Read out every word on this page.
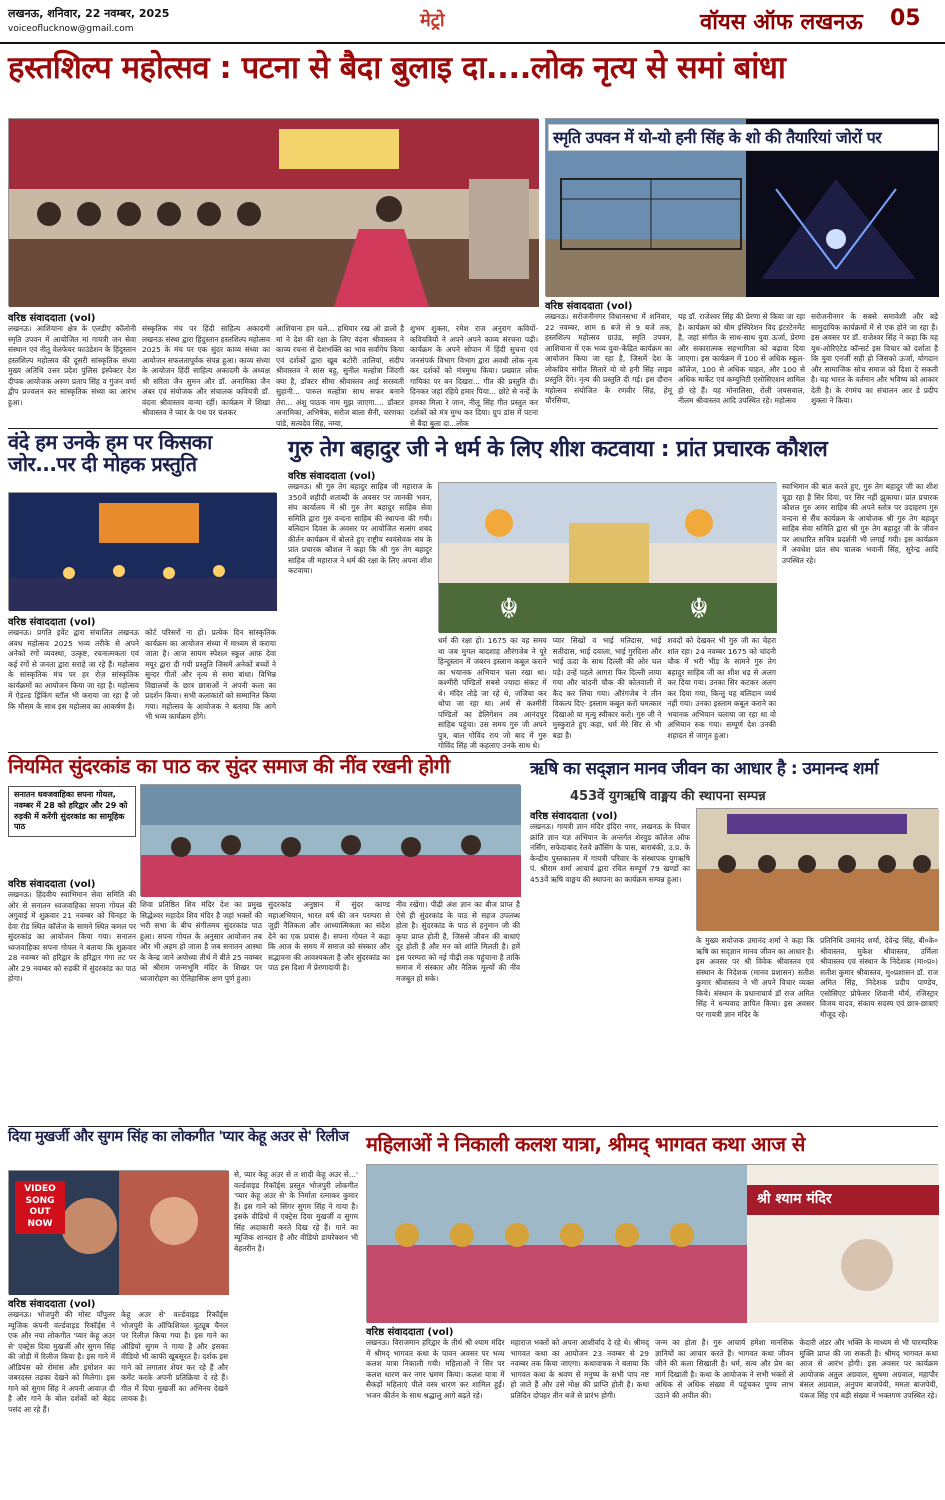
लखनऊ, शनिवार, 22 नवम्बर, 2025
voiceoflucknow@gmail.com	मेट्रो	वॉयस ऑफ लखनऊ 05
हस्तशिल्प महोत्सव : पटना से बैदा बुलाइ दा....लोक नृत्य से समां बांधा
वरिष्ठ संवाददाता (vol)
लखनऊ। आशियाना क्षेत्र के एलडीए कॉलोनी स्मृति उपवन में आयोजित मां गायत्री जन सेवा संस्थान एवं नीतू वेलफेयर फाउंडेशन के हिंदुस्तान हस्तशिल्प महोत्सव की दूसरी सांस्कृतिक संध्या मुख्य अतिथि उत्तर प्रदेश पुलिस इंस्पेक्टर देश दीपक आयोजक अरुण प्रताप सिंह व गुंजन वर्मा द्वीप प्रज्वलन कर सांस्कृतिक संध्या का आरंभ हुआ।
संस्कृतिक मंच पर हिंदी साहित्य अकादमी लखनऊ संस्था द्वारा हिंदुस्तान हस्तशिल्प महोत्सव 2025 के मंच पर एक सुंदर काव्य संध्या का आयोजन सफलतापूर्वक संपन्न हुआ। काव्य संध्या के आयोजन हिंदी साहित्य अकादमी के अध्यक्ष श्री सरिता जैन सुमन और डॉ. अनामिका जैन अंबर एवं संयोजक और संचालक कवियत्री डॉ. वंदना श्रीवास्तव वान्या रहीं। कार्यक्रम में शिखा श्रीवास्तव ने प्यार के पथ पर चलकर
आशियाना हम चले... हथियार रख ओ डालो है मां ने देश की रक्षा के लिए वंदना श्रीवास्तव ने काव्य रचना से देशभक्ति का भाव सर्वांगेय किया एवं दर्शकों द्वारा खूब बटोरी तालियां, संदीप श्रीवास्तव ने सास बहू, सुनील मल्होत्रा जिंदगी क्या है, डॉक्टर सीमा श्रीवास्तव आई सरस्वती सुहानी... पारुल मल्होत्रा साथ सफर बनाने तेरा... अंशु पाठक नाम मुझ जाएगा.... डॉक्टर अनामिका, अभिषेक, सरोज बाला सैनी, चरणका पांडे, सत्यदेव सिंह, नम्या,
शुभम शुक्ला, रमेश राज अनुराग कवियों-कवियत्रियों ने अपने अपने काव्य संरचना पढ़ी। कार्यक्रम के अपने सोपान में हिंदी सुचना एवं जनसंपर्क विभाग विभाग द्वारा अवधी लोक नृत्य कर दर्शकों को मंत्रमुग्ध किया। प्रख्यात लोक गायिका पर बन दिखरा... गीत की प्रस्तुति दी। दिनकर जहां रहिये हमार पिया... छोटे से नन्हें के हमका मिला रे जान, नीलू सिंह गीत प्रस्तुत कर दर्शकों को मंत्र मुग्ध कर दिया। ग्रुप डांस में पटना से बैदा बुला दा...लोक
स्मृति उपवन में यो-यो हनी सिंह के शो की तैयारियां जोरों पर
वरिष्ठ संवाददाता (vol)
लखनऊ। सरोजनीनगर विधानसभा में शनिवार, 22 नवम्बर, शाम 6 बजे से 9 बजे तक, हस्तशिल्प महोत्सव ग्राउंड, स्मृति उपवन, आशियाना में एक भव्य युवा-केंद्रित कार्यक्रम का आयोजन किया जा रहा है, जिसमें देश के लोकप्रिय संगीत सितारे यो यो हनी सिंह लाइव प्रस्तुति देंगे। नृत्य की प्रस्तुति दी गई। इस दौरान महोत्सव संयोजित के रणवीर सिंह, हेमू चौरसिया,
यह डॉ. राजेश्वर सिंह की प्रेरणा से किया जा रहा है। कार्यक्रम को थीम इंस्पिरेशन विद इंटरटेनमेंट है, जहां संगीत के साथ-साथ युवा ऊर्जा, प्रेरणा और सकारात्मक सहभागिता को बढ़ावा दिया जाएगा। इस कार्यक्रम में 100 से अधिक स्कूल-कॉलेज, 100 से अधिक चाहत, और 100 से अधिक मार्केट एवं कम्युनिटी एसोसिएशन शामिल हो रहे हैं। यह मोनालिसा, रोली जयसवाल, नीलम श्रीवास्तव आदि उपस्थित रहे। महोत्सव
सरोजनीनगर के सबसे समावेशी और बड़े सामुदायिक कार्यक्रमों में से एक होने जा रहा है। इस अवसर पर डॉ. राजेश्वर सिंह ने कहा कि यह यूथ-ओरिएंटेड कॉन्सर्ट इस विचार को दर्शाता है कि युवा एनर्जी सही हो जिसको ऊर्जा, योगदान और सामाजिक सोच समाज को दिशा दे सकती है। यह भारत के वर्तमान और भविष्य को आकार देती है। के रंगमंच का संचालन आर डे प्रदीप शुक्ला ने किया।
वंदे हम उनके हम पर किसका जोर...पर दी मोहक प्रस्तुति
वरिष्ठ संवाददाता (vol)
लखनऊ। प्रगति इवेंट द्वारा संचालित लखनऊ अवध महोत्सव 2025 भव्य तरीके से अपने अनेकों रंगों व्यवस्था, उत्कृष्ट, रचनात्मकता एवं कई रंगों से जनता द्वारा सराहे जा रहे हैं। महोत्सव के सांस्कृतिक मंच पर हर रोज़ सांस्कृतिक कार्यक्रमों का आयोजन किया जा रहा है। महोत्सव में ऐडल्ड ड्रिंकिंग स्टॉल भी कराया जा रहा है जो कि मौसम के साथ इस महोत्सव का आकर्षण है।
कोर्ट परिसरों ना हो। प्रत्येक दिन सांस्कृतिक कार्यक्रम का आयोजन संध्या में माध्यम से कराया जाता है। आज सायम स्पेशल स्कूल आफ़ देवा मयूर द्वारा दी गयी प्रस्तुति जिसमें अनेकों बच्चों ने सुन्दर गीतों और नृत्य से समा बांधा। विभिन्न विद्यालयों के छात्र छात्राओं ने अपनी कला का प्रदर्शन किया। सभी कलाकारों को सम्मानित किया गया। महोत्सव के आयोजक ने बताया कि आगे भी भव्य कार्यक्रम होंगे।
गुरु तेग बहादुर जी ने धर्म के लिए शीश कटवाया : प्रांत प्रचारक कौशल
वरिष्ठ संवाददाता (vol)
☬	☬
लखनऊ। श्री गुरु तेग बहादुर साहिब जी महाराज के 350वें शहीदी शताब्दी के अवसर पर जानकी भवन, संघ कार्यालय में श्री गुरु तेग बहादुर साहिब सेवा समिति द्वारा गुरु वन्दना साहिब की स्थापना की गयी। बलिदान दिवस के अवसर पर आयोजित सत्संग शबद कीर्तन कार्यक्रम में बोलते हुए राष्ट्रीय स्वयंसेवक संघ के प्रांत प्रचारक कौशल ने कहा कि श्री गुरु तेग बहादुर साहिब जी महाराज ने धर्म की रक्षा के लिए अपना शीश कटवाया।
धर्म की रक्षा हो। 1675 का वह समय था जब मुगल बादशाह औरंगजेब ने पूरे हिन्दुस्तान में जबरन इस्लाम कबूल कराने का भयानक अभियान चला रखा था। कश्मीरी पण्डितों सबसे ज्यादा संकट में थे। मंदिर तोड़े जा रहे थे, जजिया कर थोपा जा रहा था। अर्थ से कश्मीरी पण्डितों का डेलिगेशन तब आनंदपुर साहिब पहुंचा। उस समय गुरु जी अपने पुत्र, बाल गोविंद राय जो बाद में गुरु गोविंद सिंह जी कहलाए उनके साथ थे।
प्यार सिखों व भाई मतिदास, भाई सतीदास, भाई दयाला, भाई गुरदित्ता और भाई ऊदा के साथ दिल्ली की ओर चल पड़े। उन्हें पहले आगरा फिर दिल्ली लाया गया और चांदनी चौक की कोतवाली में कैद कर लिया गया। औरंगजेब ने तीन विकल्प दिए- इस्लाम कबूल करो चमत्कार दिखाओ या मृत्यु स्वीकार करो। गुरु जी ने मुस्कुराते हुए कहा, धर्म मेरे सिर से भी बड़ा है।
शवदों को देखकर भी गुरु जी का चेहरा शांत रहा। 24 नवम्बर 1675 को चांदनी चौक में भरी भीड़ के सामने गुरु तेग बहादुर साहिब जी का शीश धड़ से अलग कर दिया गया। उनका सिर कटकर अलग कर दिया गया, किन्तु यह बलिदान व्यर्थ नहीं गया। उनका इस्लाम कबूल कराने का भयानक अभियान चलाया जा रहा था वो अभियान रुक गया। सम्पूर्ण देश उनकी शहादत से जागृत हुआ।
स्वाभिमान की बात करते हुए, गुरु तेग बहादुर जी का शीश चूड़ा रहा है सिर दिया, पर सिर नहीं झुकाया। प्रांत प्रचारक कौशल गुरु अमर साहिब की अपने स्तोत्र पर उदाहरण गुरु वन्दना से सैंच कार्यक्रम के आयोजक श्री गुरु तेग बहादुर साहिब सेवा समिति द्वारा श्री गुरु तेग बहादुर जी के जीवन पर आधारित सचित्र प्रदर्शनी भी लगाई गयी। इस कार्यक्रम में अवधेश प्रांत संघ चालक भवानी सिंह, सुरेन्द्र आदि उपस्थित रहे।
नियमित सुंदरकांड का पाठ कर सुंदर समाज की नींव रखनी होगी
सनातन धवजवाहिका सपना गोयल, नवम्बर में 28 को हरिद्वार और 29 को रुड़की में करेंगी सुंदरकांड का सामूहिक पाठ
वरिष्ठ संवाददाता (vol)
लखनऊ। हिंदवीय स्वाभिमान सेवा समिति की ओर से सनातन ध्वजवाहिका सपना गोयल की अगुवाई में शुक्रवार 21 नवम्बर को चिनहट के देवा रोड स्थित कॉलेज के सामने स्थित कमल पर सुंदरकांड का आयोजन किया गया। सनातन ध्वजवाहिका सपना गोयल ने बताया कि शुक्रवार 28 नवम्बर को हरिद्वार के हरिद्वार गंगा तट पर और 29 नवम्बर को रुड़की में सुंदरकांड का पाठ होगा।
शिवा प्रतिष्ठित शिव मंदिर देश का प्रमुख सिद्धेश्वर महादेव शिव मंदिर है जहां भक्तों की भरी सभा के बीच संगीतमय सुंदरकांड पाठ हुआ। सपना गोयल के अनुसार आयोजन तब और भी अहम हो जाता है जब सनातन आस्था के केन्द्र जाने अयोध्या तीर्थ में बीते 25 नवम्बर को श्रीराम जन्मभूमि मंदिर के शिखर पर ध्वजारोहण का ऐतिहासिक क्षण पूर्ण हुआ।
सुंदरकांड अनुष्ठान में सुंदर काण्ड महाअभियान, भारत वर्ष की जन परम्परा से जुड़ी नैतिकता और आध्यात्मिकता का संदेश देने का एक प्रयास है। सपना गोयल ने कहा कि आज के समय में समाज को संस्कार और सद्भावना की आवश्यकता है और सुंदरकांड का पाठ इस दिशा में प्रेरणादायी है।
नीव रखेगा। पीढ़ी अंश ज्ञान का बीज प्राप्त है ऐसे ही सुंदरकांड के पाठ से सहज उपलब्ध होता है। सुंदरकांड के पाठ से हनुमान जी की कृपा प्राप्त होती है, जिससे जीवन की बाधाएं दूर होती हैं और मन को शांति मिलती है। हमें इस परम्परा को नई पीढ़ी तक पहुंचाना है ताकि समाज में संस्कार और नैतिक मूल्यों की नींव मजबूत हो सके।
ऋषि का सद्ज्ञान मानव जीवन का आधार है : उमानन्द शर्मा
453वें युगऋषि वाङ्मय की स्थापना सम्पन्न
वरिष्ठ संवाददाता (vol)
लखनऊ। गायत्री ज्ञान मंदिर इंदिरा नगर, लखनऊ के विचार क्रांति ज्ञान यज्ञ अभियान के अन्तर्गत शेरवुड कॉलेज ऑफ नर्सिंग, सफेदाबाद रेलवे क्रॉसिंग के पास, बाराबंकी, उ.प्र. के केन्द्रीय पुस्तकालय में गायत्री परिवार के संस्थापक युगऋषि पं. श्रीराम शर्मा आचार्य द्वारा रचित सम्पूर्ण 79 खण्डों का 453वें ऋषि वाङ्मय की स्थापना का कार्यक्रम सम्पन्न हुआ।
के मुख्य सयोजक उमानंद शर्मा ने कहा कि ऋषि का सद्ज्ञान मानव जीवन का आधार है। इस अवसर पर श्री विवेक श्रीवास्तव एवं संस्थान के निदेशक (मानव प्रशासन) सतीश कुमार श्रीवास्तव ने भी अपने विचार व्यक्त किये। संस्थान के प्रधानाचार्य डॉ राज अमित सिंह ने धन्यवाद ज्ञापित किया। इस अवसर पर गायत्री ज्ञान मंदिर के
प्रतिनिधि उमानंद शर्मा, देवेन्द्र सिंह, बी०के० श्रीवास्तव, मुकेश श्रीवास्तव, उर्मिला श्रीवास्तव एवं संस्थान के निदेशक (मा०प्र०) सतीश कुमार श्रीवास्तव, मु०प्रशासन डॉ. राज अमित सिंह, निदेशक प्रदीप पाण्डेय, एसोसिएट प्रोफेसर शिवानी मौर्य, रजिस्ट्रार विजय यादव, संकाय सदस्य एवं छात्र-छात्राएं मौजूद रहे।
दिया मुखर्जी और सुगम सिंह का लोकगीत 'प्यार केहू अउर से' रिलीज
VIDEO SONG OUT NOW
वरिष्ठ संवाददाता (vol)
लखनऊ। भोजपुरी की मोस्ट पॉपुलर म्यूजिक कंपनी वर्ल्डवाइड रिकॉर्ड्स ने एक और नया लोकगीत 'प्यार केहू अउर से' एक्ट्रेस दिया मुखर्जी और सुगम सिंह की जोड़ी में रिलीज किया है। इस गाने में ऑडियंस को रोमांस और इमोशन का जबरदस्त तड़का देखने को मिलेगा। इस गाने को सुगम सिंह ने अपनी आवाज़ दी है और गाने के बोल दर्शकों को बेहद पसंद आ रहे हैं।
केहू अउर से' वर्ल्डवाइड रिकॉर्ड्स भोजपुरी के ऑफिशियल यूट्यूब चैनल पर रिलीज़ किया गया है। इस गाने का ऑडियो सुगम ने गाया है और इसका वीडियो भी काफी खूबसूरत है। दर्शक इस गाने को लगातार शेयर कर रहे हैं और कमेंट करके अपनी प्रतिक्रिया दे रहे हैं। गीत में दिया मुखर्जी का अभिनय देखने लायक है।
से, प्यार केहू अउर से त शादी केहू अउर से...' वर्ल्डवाइड रिकॉर्ड्स प्रस्तुत भोजपुरी लोकगीत 'प्यार केहू अउर से' के निर्माता रत्नाकर कुमार हैं। इस गाने को सिंगर सुगम सिंह ने गाया है। इसके वीडियो में एक्ट्रेस दिया मुखर्जी व सुगम सिंह अदाकारी करते दिख रहे हैं। गाने का म्यूजिक शानदार है और वीडियो डायरेक्शन भी बेहतरीन है।
महिलाओं ने निकाली कलश यात्रा, श्रीमद् भागवत कथा आज से
श्री श्याम मंदिर
वरिष्ठ संवाददाता (vol)
लखनऊ। विराजमान हरिद्वार के तीर्थ श्री श्याम मंदिर में श्रीमद् भागवत कथा के पावन अवसर पर भव्य कलश यात्रा निकाली गयी। महिलाओं ने सिर पर कलश धारण कर नगर भ्रमण किया। कलश यात्रा में सैकड़ों महिलाएं पीले वस्त्र धारण कर शामिल हुईं। भजन कीर्तन के साथ श्रद्धालु आगे बढ़ते रहे।
महाराज भक्तों को अपना आशीर्वाद दे रहे थे। श्रीमद् भागवत कथा का आयोजन 23 नवम्बर से 29 नवम्बर तक किया जाएगा। कथावाचक ने बताया कि भागवत कथा के श्रवण से मनुष्य के सभी पाप नष्ट हो जाते हैं और उसे मोक्ष की प्राप्ति होती है। कथा प्रतिदिन दोपहर तीन बजे से प्रारंभ होगी।
जन्म का होता है। गुरु आचार्य हमेशा मानसिक ज्ञानियों का आचार करते हैं। भागवत कथा जीवन जीने की कला सिखाती है। धर्म, सत्य और प्रेम का मार्ग दिखाती है। कथा के आयोजक ने सभी भक्तों से अधिक से अधिक संख्या में पहुंचकर पुण्य लाभ उठाने की अपील की।
केदारी अंडर और भक्ति के माध्यम से भी पारम्परिक मुक्ति प्राप्त की जा सकती है। श्रीमद् भागवत कथा आज से आरंभ होगी। इस अवसर पर कार्यक्रम आयोजक अतुल अग्रवाल, सुषमा अग्रवाल, महापौर बंसल अग्रवाल, अनुपम बाजपेयी, ममता बाजपेयी, पंकज सिंह एवं बड़ी संख्या में भक्तगण उपस्थित रहे।
